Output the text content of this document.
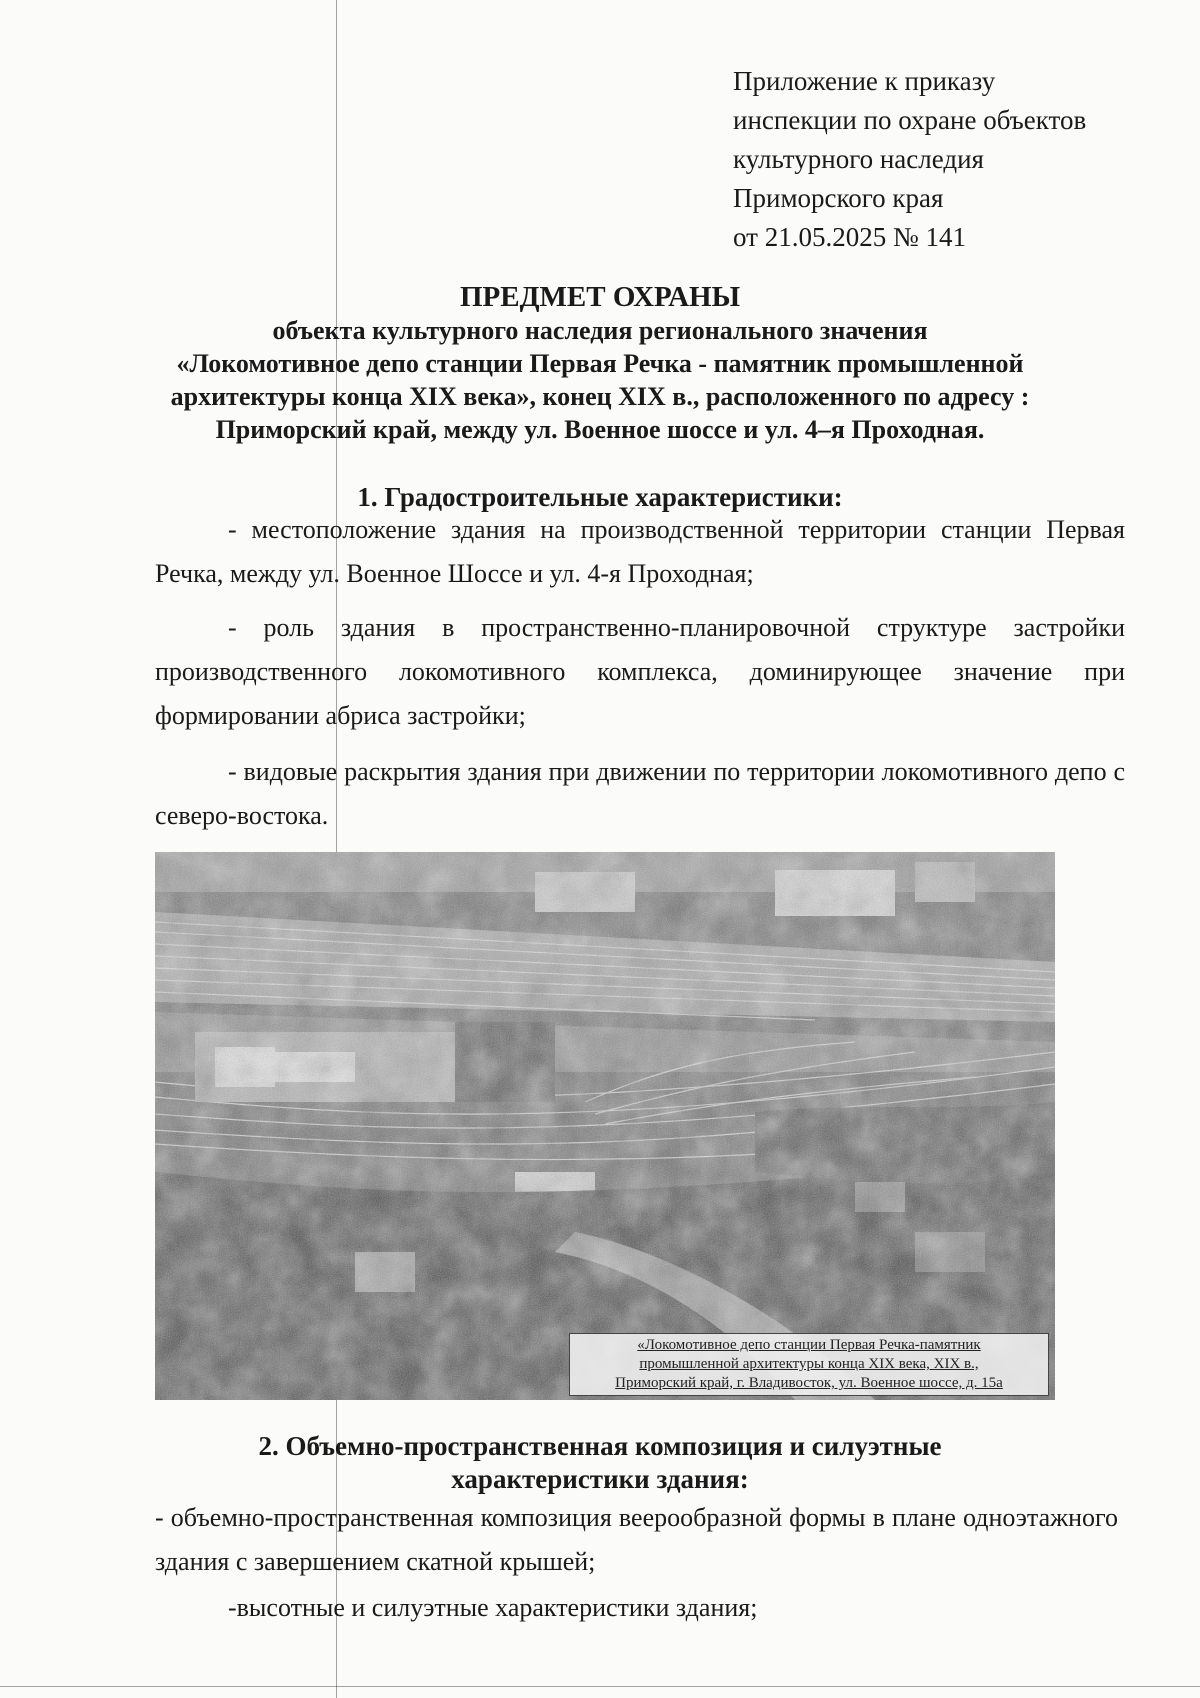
Приложение к приказу
инспекции по охране объектов
культурного наследия
Приморского края
от 21.05.2025 № 141
ПРЕДМЕТ ОХРАНЫ
объекта культурного наследия регионального значения
«Локомотивное депо станции Первая Речка - памятник промышленной
архитектуры конца XIX века», конец XIX в., расположенного по адресу :
Приморский край, между ул. Военное шоссе и ул. 4–я Проходная.
1. Градостроительные характеристики:
- местоположение здания на производственной территории станции Первая Речка, между ул. Военное Шоссе и ул. 4-я Проходная;
- роль здания в пространственно-планировочной структуре застройки производственного локомотивного комплекса, доминирующее значение при формировании абриса застройки;
- видовые раскрытия здания при движении по территории локомотивного депо с северо-востока.
«Локомотивное депо станции Первая Речка-памятник
промышленной архитектуры конца XIX века, XIX в.,
Приморский край, г. Владивосток, ул. Военное шоссе, д. 15а
2. Объемно-пространственная композиция и силуэтные
характеристики здания:
- объемно-пространственная композиция веерообразной формы в плане одноэтажного здания с завершением скатной крышей;
-высотные и силуэтные характеристики здания;
